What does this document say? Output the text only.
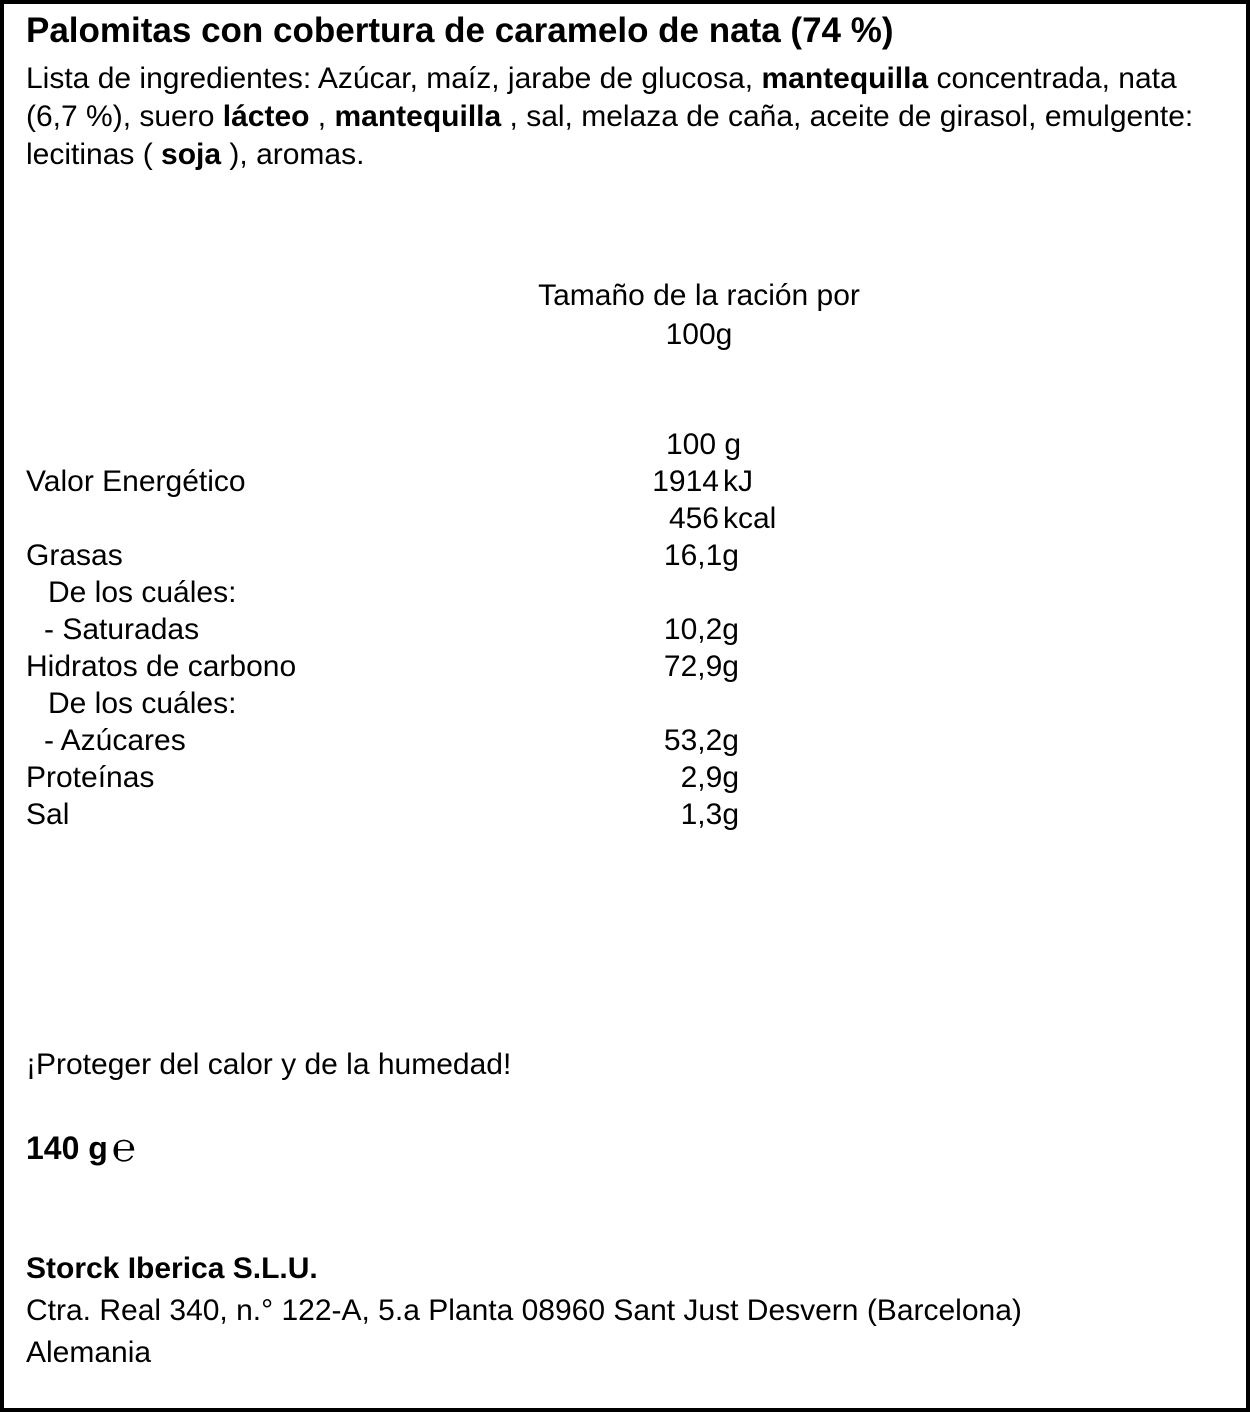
Palomitas con cobertura de caramelo de nata (74 %)
Lista de ingredientes: Azúcar, maíz, jarabe de glucosa, mantequilla concentrada, nata (6,7 %), suero lácteo , mantequilla , sal, melaza de caña, aceite de girasol, emulgente: lecitinas ( soja ), aromas.
Tamaño de la ración por
100g
100 g
Valor Energético	1914 kJ
456 kcal
Grasas	16,1g
De los cuáles:
- Saturadas	10,2g
Hidratos de carbono	72,9g
De los cuáles:
- Azúcares	53,2g
Proteínas	2,9g
Sal	1,3g
¡Proteger del calor y de la humedad!
140 g ℮
Storck Iberica S.L.U.
Ctra. Real 340, n.° 122-A, 5.a Planta 08960 Sant Just Desvern (Barcelona)
Alemania
